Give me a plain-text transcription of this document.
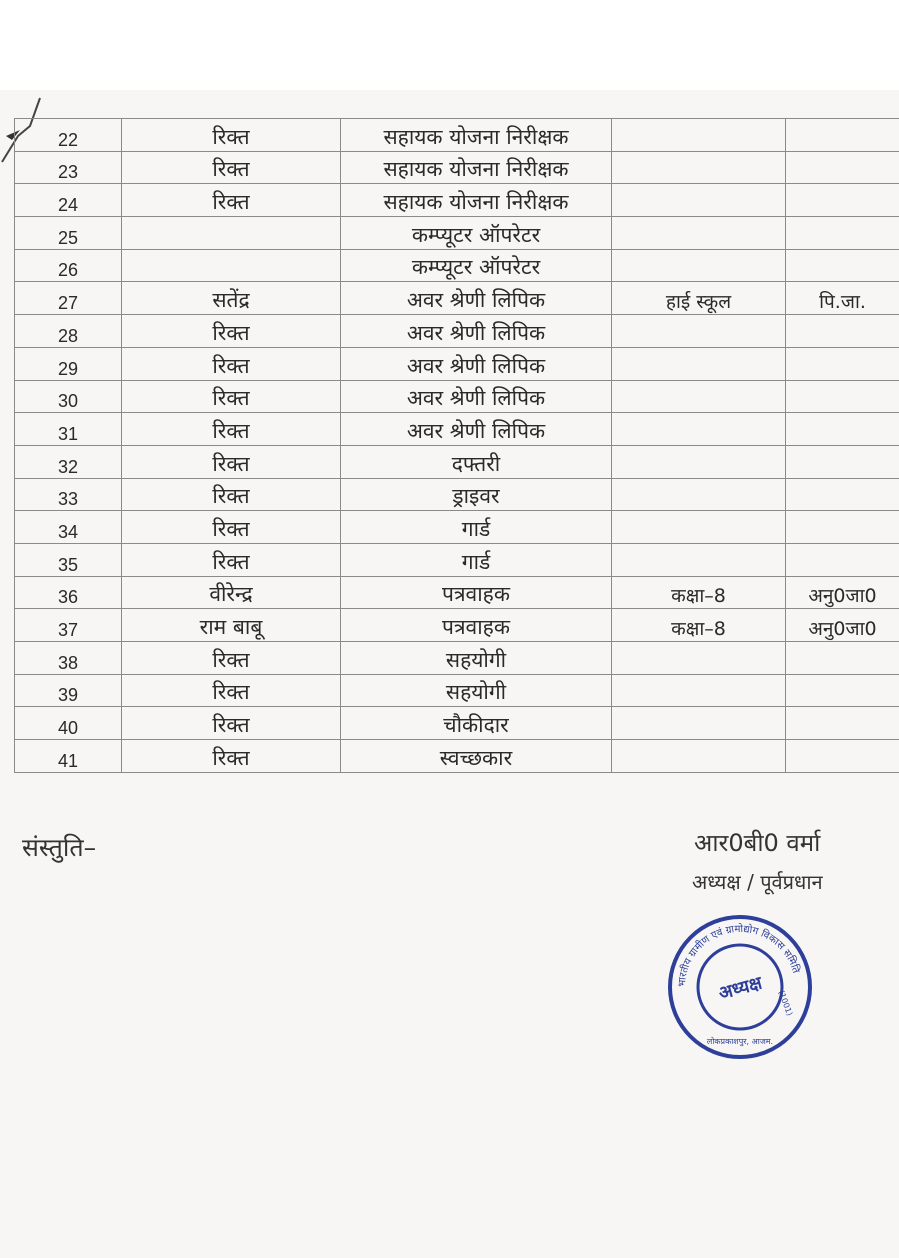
22	रिक्त	सहायक योजना निरीक्षक		
23	रिक्त	सहायक योजना निरीक्षक		
24	रिक्त	सहायक योजना निरीक्षक		
25		कम्प्यूटर ऑपरेटर		
26		कम्प्यूटर ऑपरेटर		
27	सतेंद्र	अवर श्रेणी लिपिक	हाई स्कूल	पि.जा.
28	रिक्त	अवर श्रेणी लिपिक		
29	रिक्त	अवर श्रेणी लिपिक		
30	रिक्त	अवर श्रेणी लिपिक		
31	रिक्त	अवर श्रेणी लिपिक		
32	रिक्त	दफ्तरी		
33	रिक्त	ड्राइवर		
34	रिक्त	गार्ड		
35	रिक्त	गार्ड		
36	वीरेन्द्र	पत्रवाहक	कक्षा–8	अनु0जा0
37	राम बाबू	पत्रवाहक	कक्षा–8	अनु0जा0
38	रिक्त	सहयोगी		
39	रिक्त	सहयोगी		
40	रिक्त	चौकीदार		
41	रिक्त	स्वच्छकार		
संस्तुति–	आर0बी0 वर्मा
अध्यक्ष / पूर्वप्रधान
भारतीय ग्रामीण एवं ग्रामोद्योग विकास समिति
लोकप्रकाशपुर, आजम.
(1001)
अध्यक्ष
